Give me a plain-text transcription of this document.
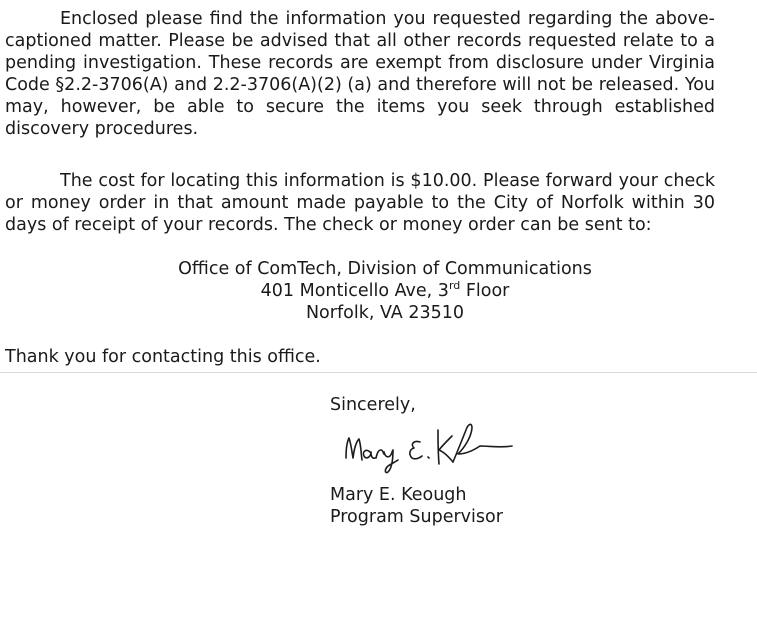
Enclosed please find the information you requested regarding the above-captioned matter. Please be advised that all other records requested relate to a pending investigation. These records are exempt from disclosure under Virginia Code §2.2-3706(A) and 2.2-3706(A)(2) (a) and therefore will not be released. You may, however, be able to secure the items you seek through established discovery procedures.

The cost for locating this information is $10.00. Please forward your check or money order in that amount made payable to the City of Norfolk within 30 days of receipt of your records. The check or money order can be sent to:

Office of ComTech, Division of Communications
401 Monticello Ave, 3rd Floor
Norfolk, VA 23510
Thank you for contacting this office.
Sincerely,
Mary E. Keough
Program Supervisor
